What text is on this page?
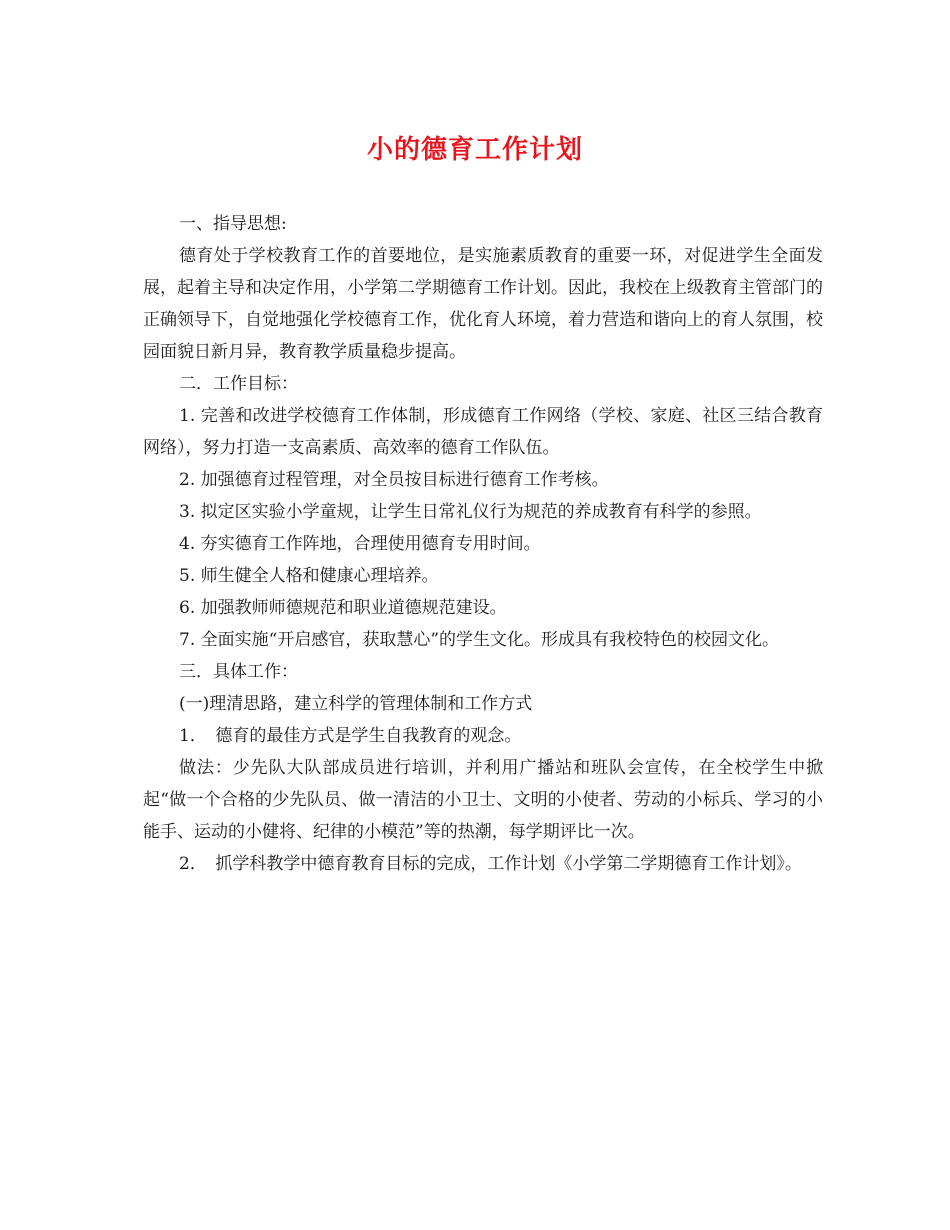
小的德育工作计划

一、指导思想:

德育处于学校教育工作的首要地位，是实施素质教育的重要一环，对促进学生全面发展，起着主导和决定作用，小学第二学期德育工作计划。因此，我校在上级教育主管部门的正确领导下，自觉地强化学校德育工作，优化育人环境，着力营造和谐向上的育人氛围，校园面貌日新月异，教育教学质量稳步提高。

二．工作目标：

1. 完善和改进学校德育工作体制，形成德育工作网络（学校、家庭、社区三结合教育网络），努力打造一支高素质、高效率的德育工作队伍。

2. 加强德育过程管理，对全员按目标进行德育工作考核。

3. 拟定区实验小学童规，让学生日常礼仪行为规范的养成教育有科学的参照。

4. 夯实德育工作阵地，合理使用德育专用时间。

5. 师生健全人格和健康心理培养。

6. 加强教师师德规范和职业道德规范建设。

7. 全面实施“开启感官，获取慧心”的学生文化。形成具有我校特色的校园文化。

三．具体工作：

(一)理清思路，建立科学的管理体制和工作方式

1．　德育的最佳方式是学生自我教育的观念。

做法：少先队大队部成员进行培训，并利用广播站和班队会宣传，在全校学生中掀起“做一个合格的少先队员、做一清洁的小卫士、文明的小使者、劳动的小标兵、学习的小能手、运动的小健将、纪律的小模范”等的热潮，每学期评比一次。

2．　抓学科教学中德育教育目标的完成，工作计划《小学第二学期德育工作计划》。
